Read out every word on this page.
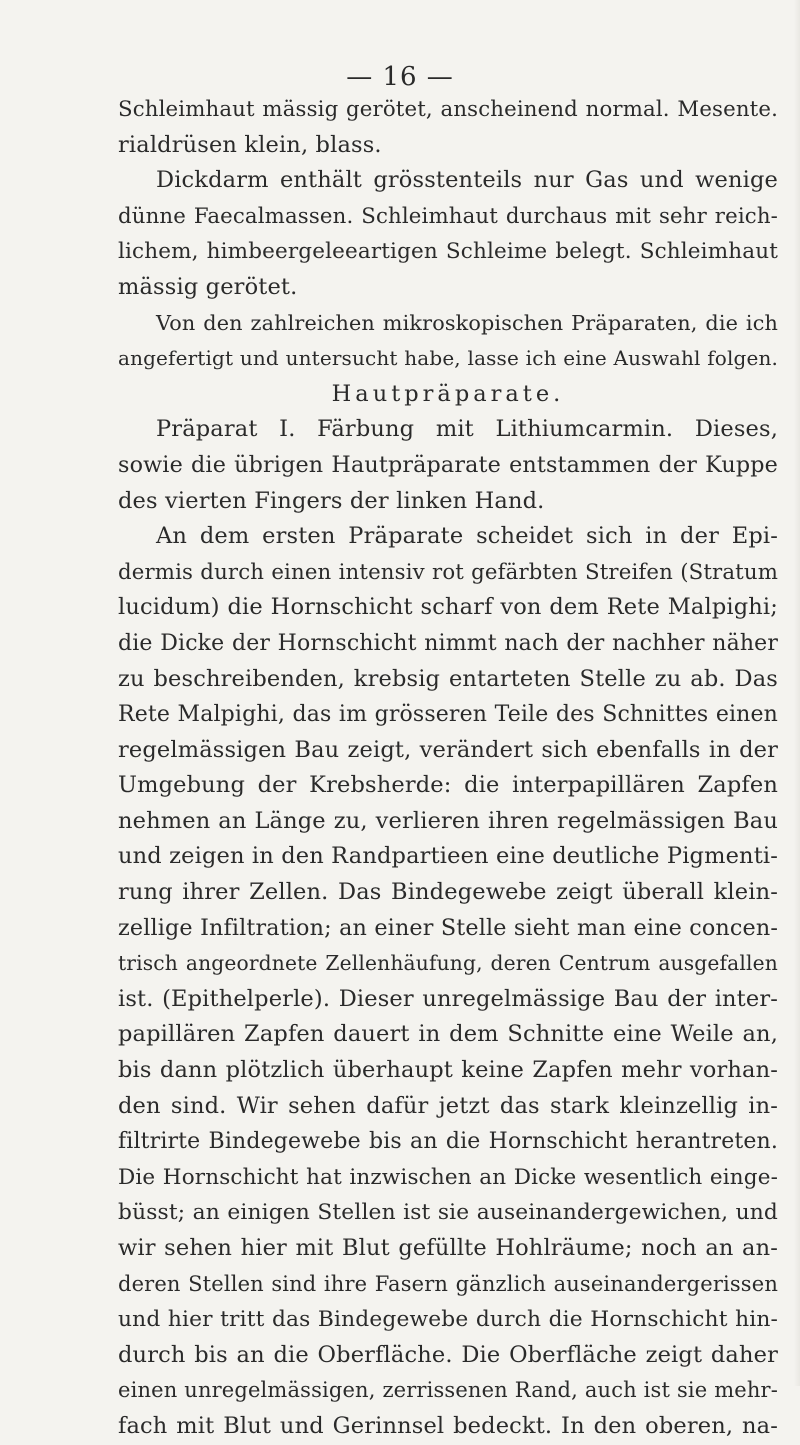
— 16 —
Schleimhaut mässig gerötet, anscheinend normal. Mesente.
rialdrüsen klein, blass.
Dickdarm enthält grösstenteils nur Gas und wenige
dünne Faecalmassen. Schleimhaut durchaus mit sehr reich-
lichem, himbeergeleeartigen Schleime belegt. Schleimhaut
mässig gerötet.
Von den zahlreichen mikroskopischen Präparaten, die ich
angefertigt und untersucht habe, lasse ich eine Auswahl folgen.
Hautpräparate.
Präparat I. Färbung mit Lithiumcarmin. Dieses,
sowie die übrigen Hautpräparate entstammen der Kuppe
des vierten Fingers der linken Hand.
An dem ersten Präparate scheidet sich in der Epi-
dermis durch einen intensiv rot gefärbten Streifen (Stratum
lucidum) die Hornschicht scharf von dem Rete Malpighi;
die Dicke der Hornschicht nimmt nach der nachher näher
zu beschreibenden, krebsig entarteten Stelle zu ab. Das
Rete Malpighi, das im grösseren Teile des Schnittes einen
regelmässigen Bau zeigt, verändert sich ebenfalls in der
Umgebung der Krebsherde: die interpapillären Zapfen
nehmen an Länge zu, verlieren ihren regelmässigen Bau
und zeigen in den Randpartieen eine deutliche Pigmenti-
rung ihrer Zellen. Das Bindegewebe zeigt überall klein-
zellige Infiltration; an einer Stelle sieht man eine concen-
trisch angeordnete Zellenhäufung, deren Centrum ausgefallen
ist. (Epithelperle). Dieser unregelmässige Bau der inter-
papillären Zapfen dauert in dem Schnitte eine Weile an,
bis dann plötzlich überhaupt keine Zapfen mehr vorhan-
den sind. Wir sehen dafür jetzt das stark kleinzellig in-
filtrirte Bindegewebe bis an die Hornschicht herantreten.
Die Hornschicht hat inzwischen an Dicke wesentlich einge-
büsst; an einigen Stellen ist sie auseinandergewichen, und
wir sehen hier mit Blut gefüllte Hohlräume; noch an an-
deren Stellen sind ihre Fasern gänzlich auseinandergerissen
und hier tritt das Bindegewebe durch die Hornschicht hin-
durch bis an die Oberfläche. Die Oberfläche zeigt daher
einen unregelmässigen, zerrissenen Rand, auch ist sie mehr-
fach mit Blut und Gerinnsel bedeckt. In den oberen, na-
